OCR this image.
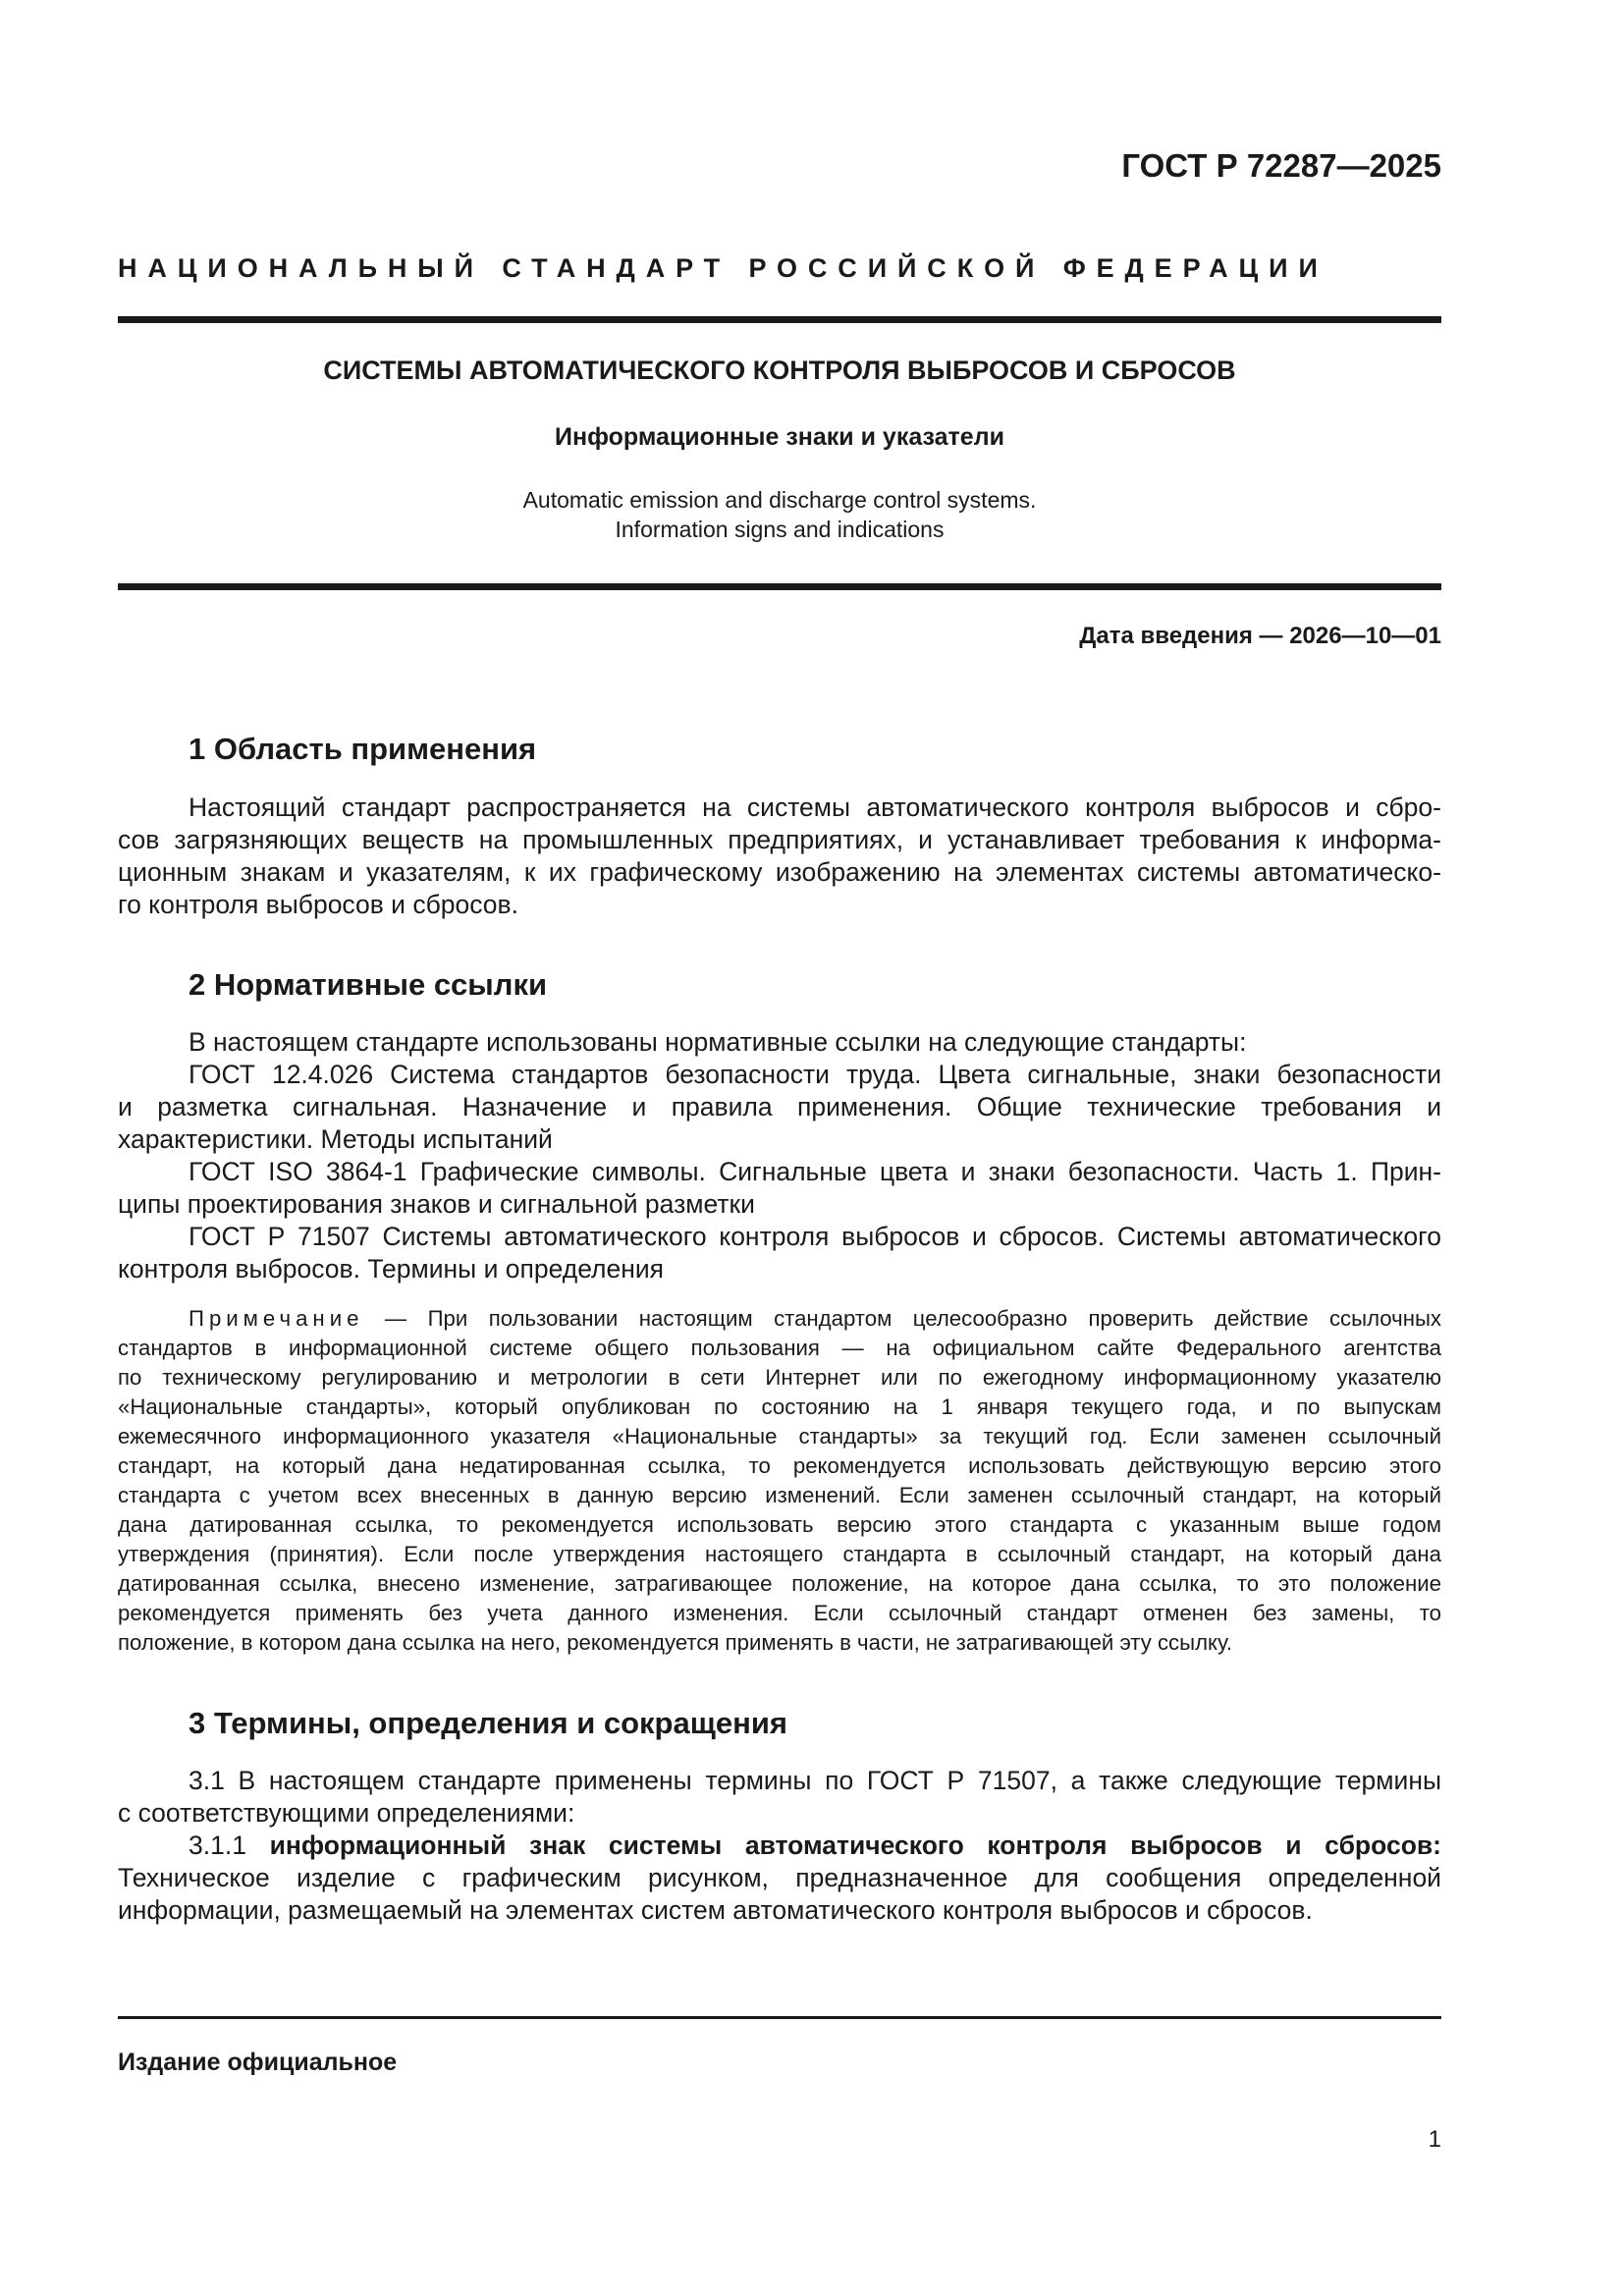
ГОСТ Р 72287—2025
НАЦИОНАЛЬНЫЙ СТАНДАРТ РОССИЙСКОЙ ФЕДЕРАЦИИ
СИСТЕМЫ АВТОМАТИЧЕСКОГО КОНТРОЛЯ ВЫБРОСОВ И СБРОСОВ
Информационные знаки и указатели
Automatic emission and discharge control systems.
Information signs and indications
Дата введения — 2026—10—01
1 Область применения
Настоящий стандарт распространяется на системы автоматического контроля выбросов и сбро-
сов загрязняющих веществ на промышленных предприятиях, и устанавливает требования к информа-
ционным знакам и указателям, к их графическому изображению на элементах системы автоматическо-
го контроля выбросов и сбросов.
2 Нормативные ссылки
В настоящем стандарте использованы нормативные ссылки на следующие стандарты:
ГОСТ 12.4.026 Система стандартов безопасности труда. Цвета сигнальные, знаки безопасности
и разметка сигнальная. Назначение и правила применения. Общие технические требования и
характеристики. Методы испытаний
ГОСТ ISO 3864-1 Графические символы. Сигнальные цвета и знаки безопасности. Часть 1. Прин-
ципы проектирования знаков и сигнальной разметки
ГОСТ Р 71507 Системы автоматического контроля выбросов и сбросов. Системы автоматического
контроля выбросов. Термины и определения
Примечание — При пользовании настоящим стандартом целесообразно проверить действие ссылочных
стандартов в информационной системе общего пользования — на официальном сайте Федерального агентства
по техническому регулированию и метрологии в сети Интернет или по ежегодному информационному указателю
«Национальные стандарты», который опубликован по состоянию на 1 января текущего года, и по выпускам
ежемесячного информационного указателя «Национальные стандарты» за текущий год. Если заменен ссылочный
стандарт, на который дана недатированная ссылка, то рекомендуется использовать действующую версию этого
стандарта с учетом всех внесенных в данную версию изменений. Если заменен ссылочный стандарт, на который
дана датированная ссылка, то рекомендуется использовать версию этого стандарта с указанным выше годом
утверждения (принятия). Если после утверждения настоящего стандарта в ссылочный стандарт, на который дана
датированная ссылка, внесено изменение, затрагивающее положение, на которое дана ссылка, то это положение
рекомендуется применять без учета данного изменения. Если ссылочный стандарт отменен без замены, то
положение, в котором дана ссылка на него, рекомендуется применять в части, не затрагивающей эту ссылку.
3 Термины, определения и сокращения
3.1 В настоящем стандарте применены термины по ГОСТ Р 71507, а также следующие термины
с соответствующими определениями:
3.1.1 информационный знак системы автоматического контроля выбросов и сбросов:
Техническое изделие с графическим рисунком, предназначенное для сообщения определенной
информации, размещаемый на элементах систем автоматического контроля выбросов и сбросов.
Издание официальное
1
